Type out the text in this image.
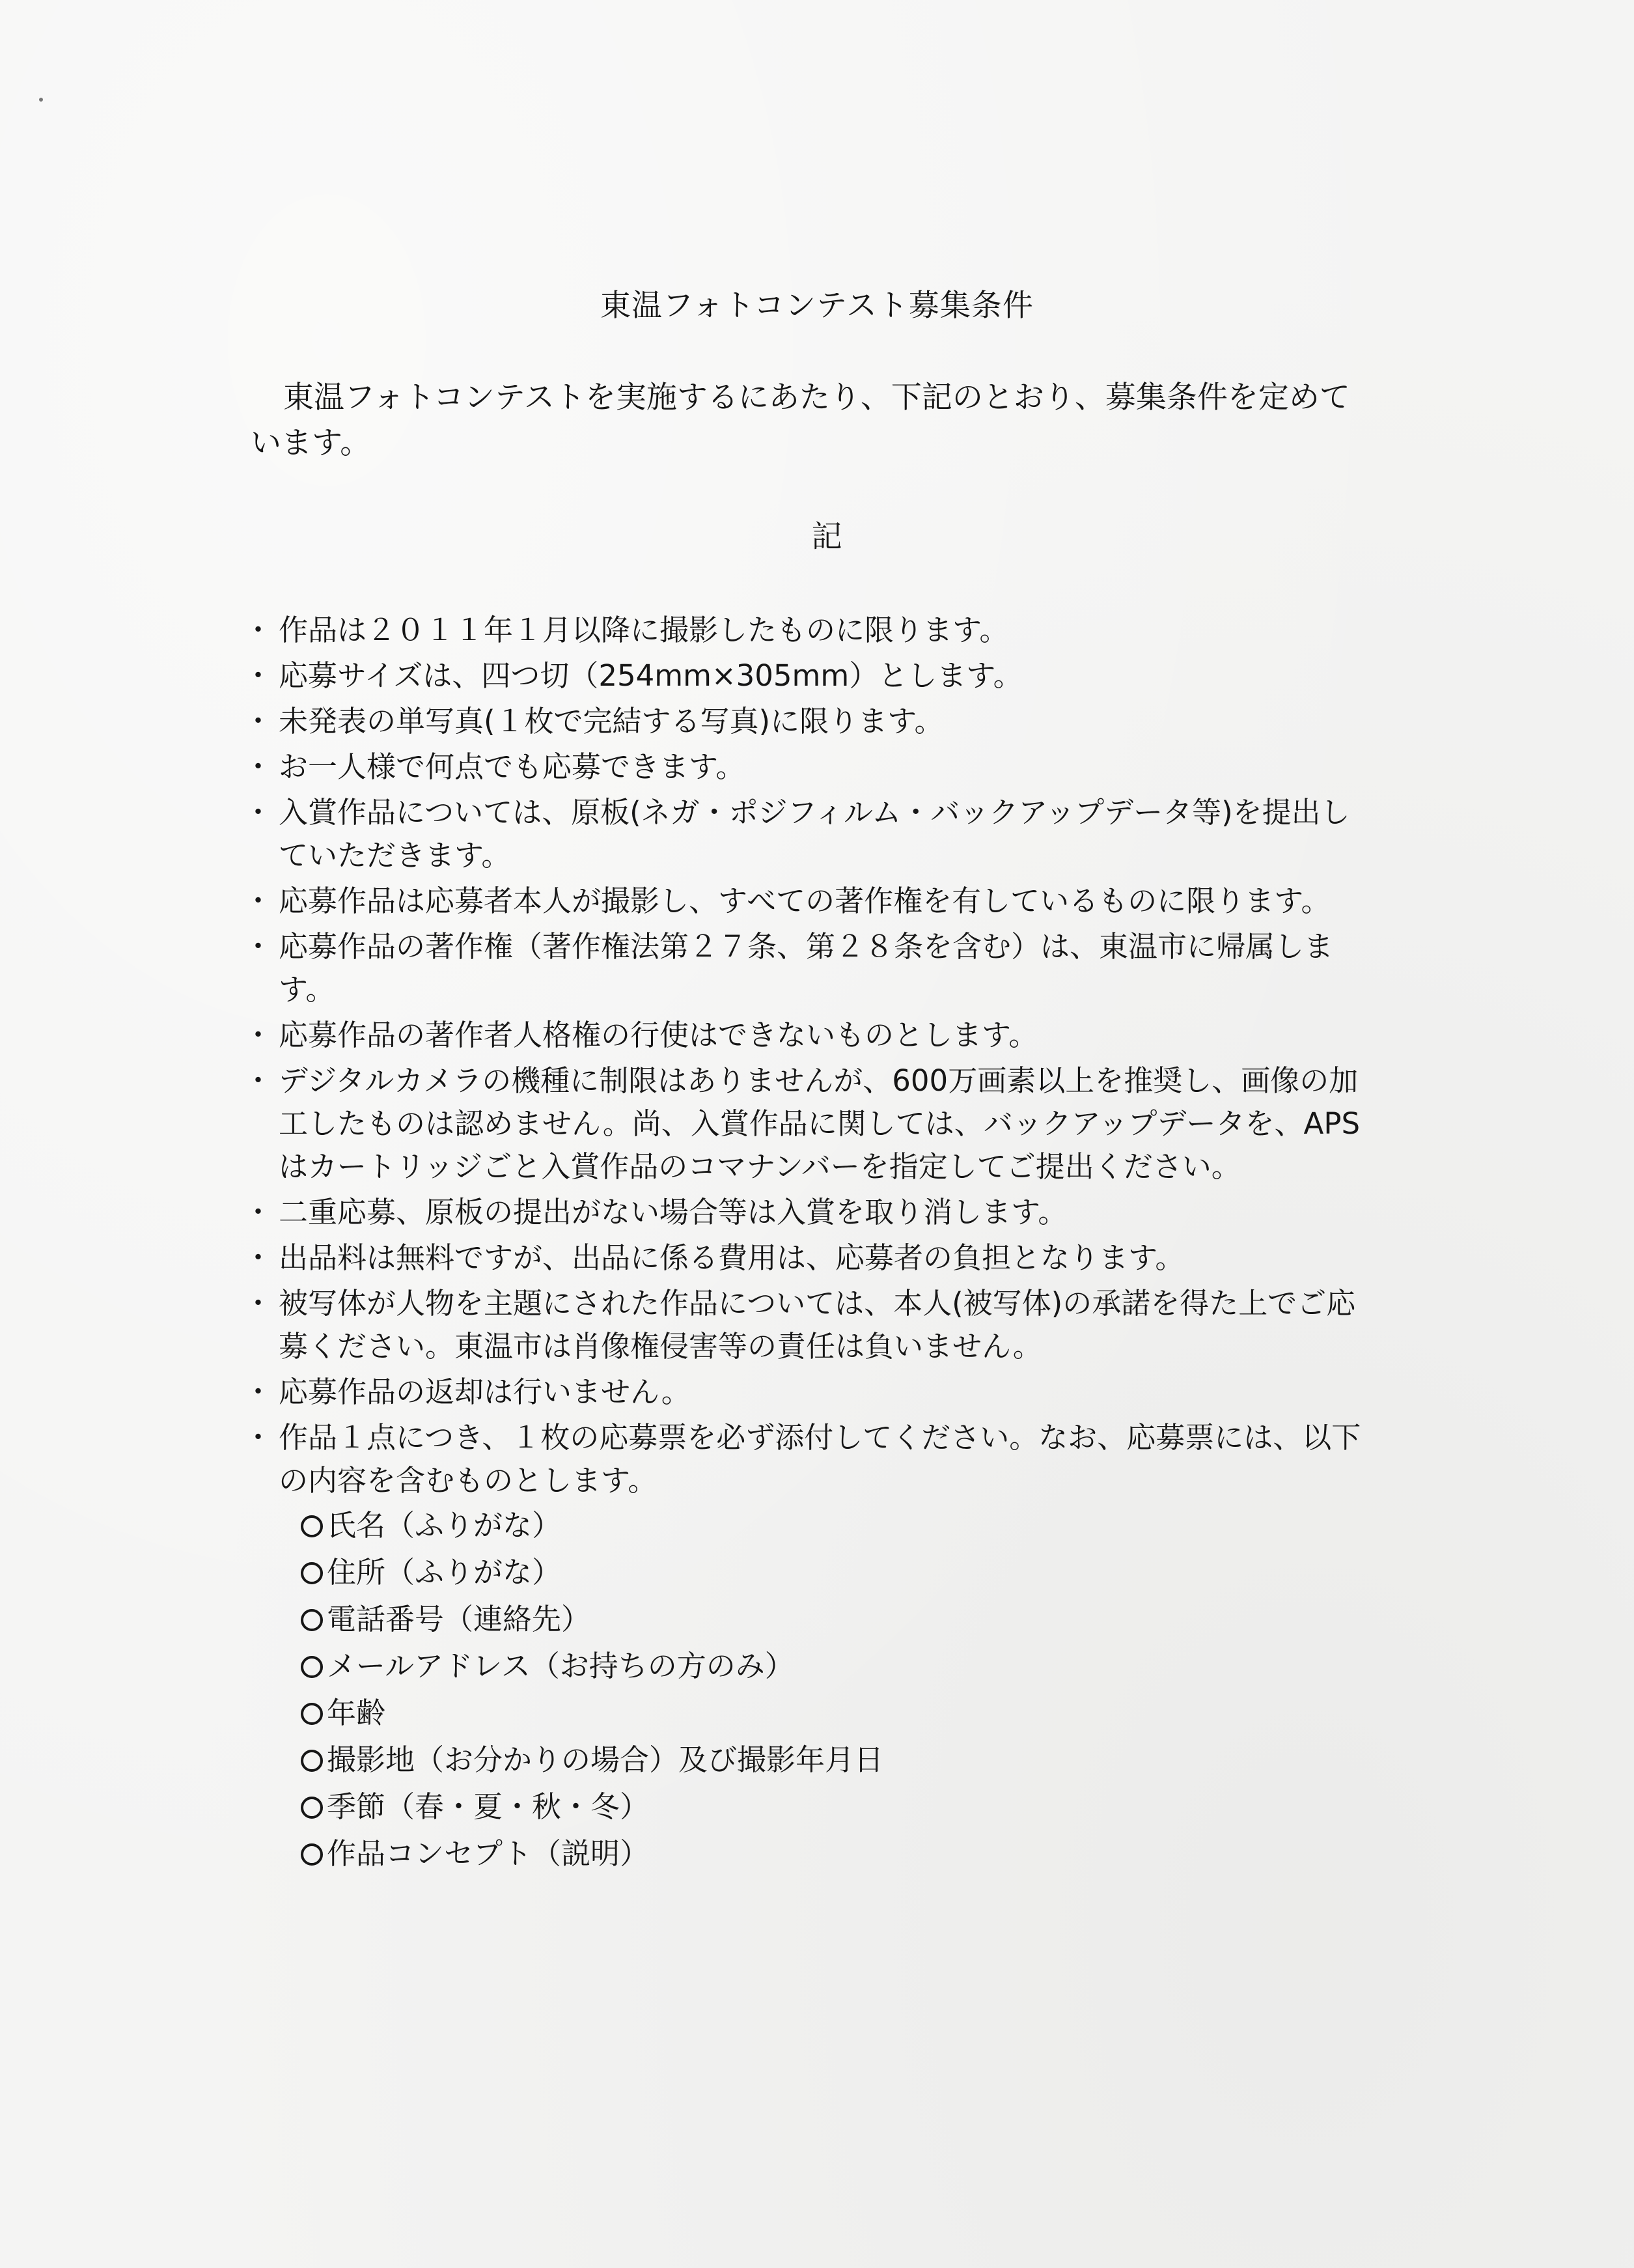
東温フォトコンテスト募集条件
東温フォトコンテストを実施するにあたり、下記のとおり、募集条件を定めています。
記
・ 作品は２０１１年１月以降に撮影したものに限ります。
・ 応募サイズは、四つ切（254mm×305mm）とします。
・ 未発表の単写真(１枚で完結する写真)に限ります。
・ お一人様で何点でも応募できます。
・ 入賞作品については、原板(ネガ・ポジフィルム・バックアップデータ等)を提出していただきます。
・ 応募作品は応募者本人が撮影し、すべての著作権を有しているものに限ります。
・ 応募作品の著作権（著作権法第２７条、第２８条を含む）は、東温市に帰属します。
・ 応募作品の著作者人格権の行使はできないものとします。
・ デジタルカメラの機種に制限はありませんが、600万画素以上を推奨し、画像の加工したものは認めません。尚、入賞作品に関しては、バックアップデータを、APSはカートリッジごと入賞作品のコマナンバーを指定してご提出ください。
・ 二重応募、原板の提出がない場合等は入賞を取り消します。
・ 出品料は無料ですが、出品に係る費用は、応募者の負担となります。
・ 被写体が人物を主題にされた作品については、本人(被写体)の承諾を得た上でご応募ください。東温市は肖像権侵害等の責任は負いません。
・ 応募作品の返却は行いません。
・ 作品１点につき、１枚の応募票を必ず添付してください。なお、応募票には、以下の内容を含むものとします。
氏名（ふりがな）
住所（ふりがな）
電話番号（連絡先）
メールアドレス（お持ちの方のみ）
年齢
撮影地（お分かりの場合）及び撮影年月日
季節（春・夏・秋・冬）
作品コンセプト（説明）
